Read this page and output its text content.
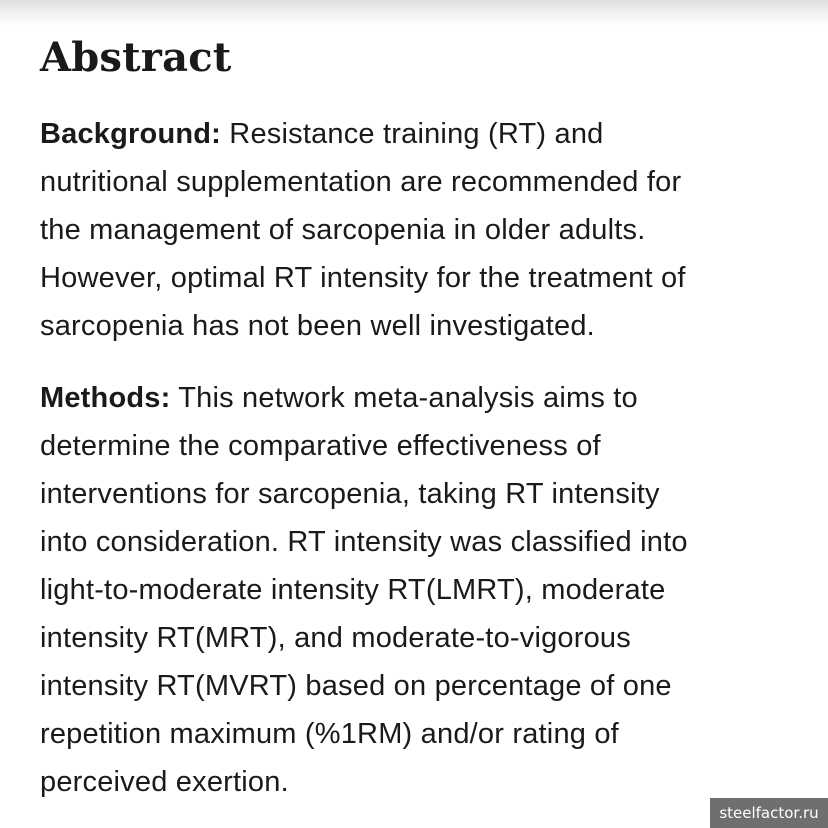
Abstract

Background: Resistance training (RT) and
nutritional supplementation are recommended for
the management of sarcopenia in older adults.
However, optimal RT intensity for the treatment of
sarcopenia has not been well investigated.

Methods: This network meta-analysis aims to
determine the comparative effectiveness of
interventions for sarcopenia, taking RT intensity
into consideration. RT intensity was classified into
light-to-moderate intensity RT(LMRT), moderate
intensity RT(MRT), and moderate-to-vigorous
intensity RT(MVRT) based on percentage of one
repetition maximum (%1RM) and/or rating of
perceived exertion.

steelfactor.ru
